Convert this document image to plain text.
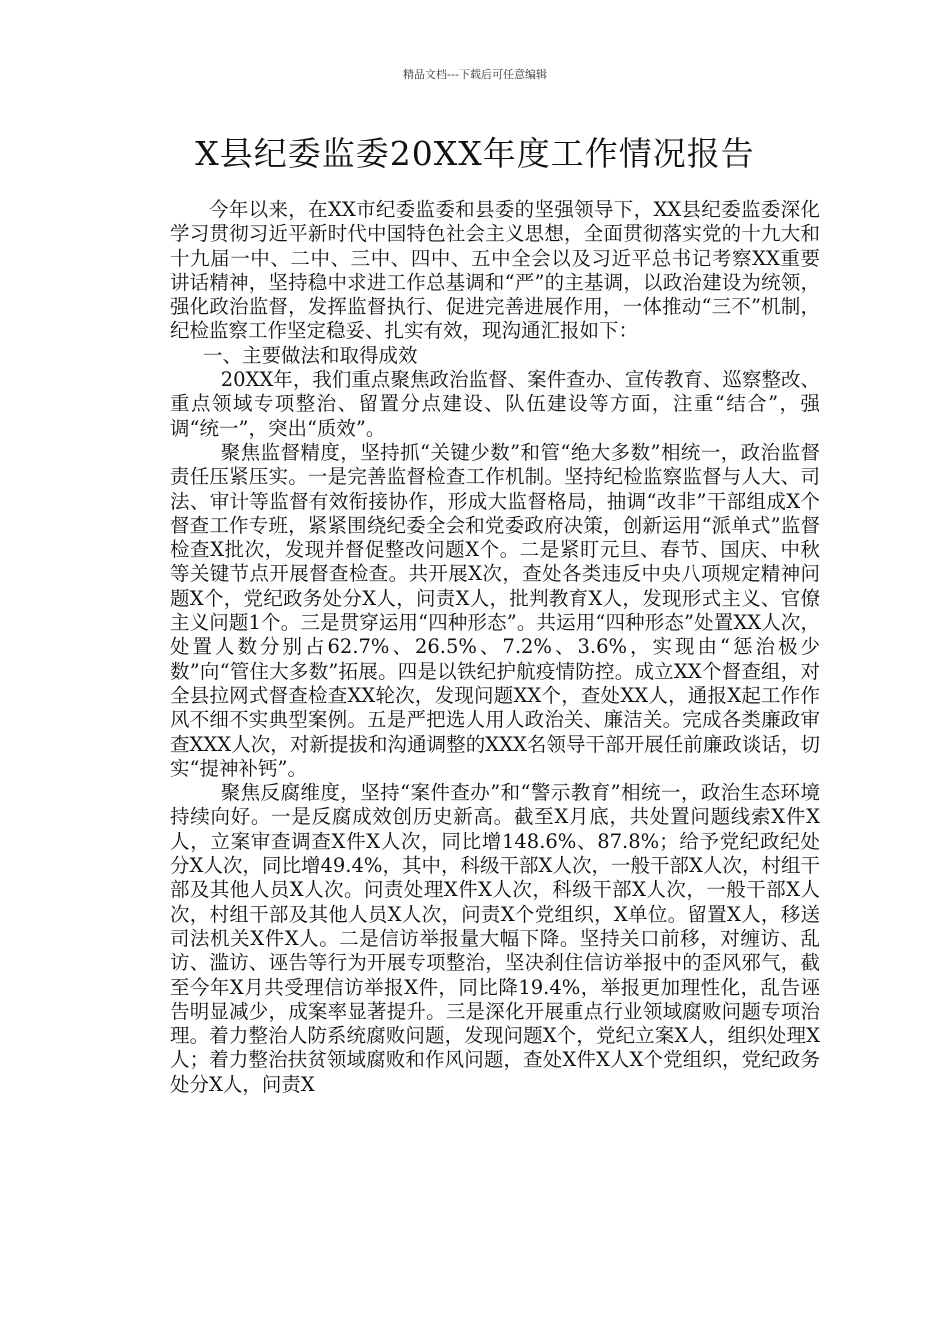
精品文档---下载后可任意编辑
X县纪委监委20XX年度工作情况报告

今年以来，在XX市纪委监委和县委的坚强领导下，XX县纪委监委深化学习贯彻习近平新时代中国特色社会主义思想，全面贯彻落实党的十九大和十九届一中、二中、三中、四中、五中全会以及习近平总书记考察XX重要讲话精神，坚持稳中求进工作总基调和“严”的主基调，以政治建设为统领，强化政治监督，发挥监督执行、促进完善进展作用，一体推动“三不”机制，纪检监察工作坚定稳妥、扎实有效，现沟通汇报如下：

一、主要做法和取得成效

20XX年，我们重点聚焦政治监督、案件查办、宣传教育、巡察整改、重点领域专项整治、留置分点建设、队伍建设等方面，注重“结合”，强调“统一”，突出“质效”。

聚焦监督精度，坚持抓“关键少数”和管“绝大多数”相统一，政治监督责任压紧压实。一是完善监督检查工作机制。坚持纪检监察监督与人大、司法、审计等监督有效衔接协作，形成大监督格局，抽调“改非”干部组成X个督查工作专班，紧紧围绕纪委全会和党委政府决策，创新运用“派单式”监督检查X批次，发现并督促整改问题X个。二是紧盯元旦、春节、国庆、中秋等关键节点开展督查检查。共开展X次，查处各类违反中央八项规定精神问题X个，党纪政务处分X人，问责X人，批判教育X人，发现形式主义、官僚主义问题1个。三是贯穿运用“四种形态”。共运用“四种形态”处置XX人次，处置人数分别占62.7%、26.5%、7.2%、3.6%，实现由“惩治极少数”向“管住大多数”拓展。四是以铁纪护航疫情防控。成立XX个督查组，对全县拉网式督查检查XX轮次，发现问题XX个，查处XX人，通报X起工作作风不细不实典型案例。五是严把选人用人政治关、廉洁关。完成各类廉政审查XXX人次，对新提拔和沟通调整的XXX名领导干部开展任前廉政谈话，切实“提神补钙”。

聚焦反腐维度，坚持“案件查办”和“警示教育”相统一，政治生态环境持续向好。一是反腐成效创历史新高。截至X月底，共处置问题线索X件X人，立案审查调查X件X人次，同比增148.6%、87.8%；给予党纪政纪处分X人次，同比增49.4%，其中，科级干部X人次，一般干部X人次，村组干部及其他人员X人次。问责处理X件X人次，科级干部X人次，一般干部X人次，村组干部及其他人员X人次，问责X个党组织，X单位。留置X人，移送司法机关X件X人。二是信访举报量大幅下降。坚持关口前移，对缠访、乱访、滥访、诬告等行为开展专项整治，坚决刹住信访举报中的歪风邪气，截至今年X月共受理信访举报X件，同比降19.4%，举报更加理性化，乱告诬告明显减少，成案率显著提升。三是深化开展重点行业领域腐败问题专项治理。着力整治人防系统腐败问题，发现问题X个，党纪立案X人，组织处理X人；着力整治扶贫领域腐败和作风问题，查处X件X人X个党组织，党纪政务处分X人，问责X
